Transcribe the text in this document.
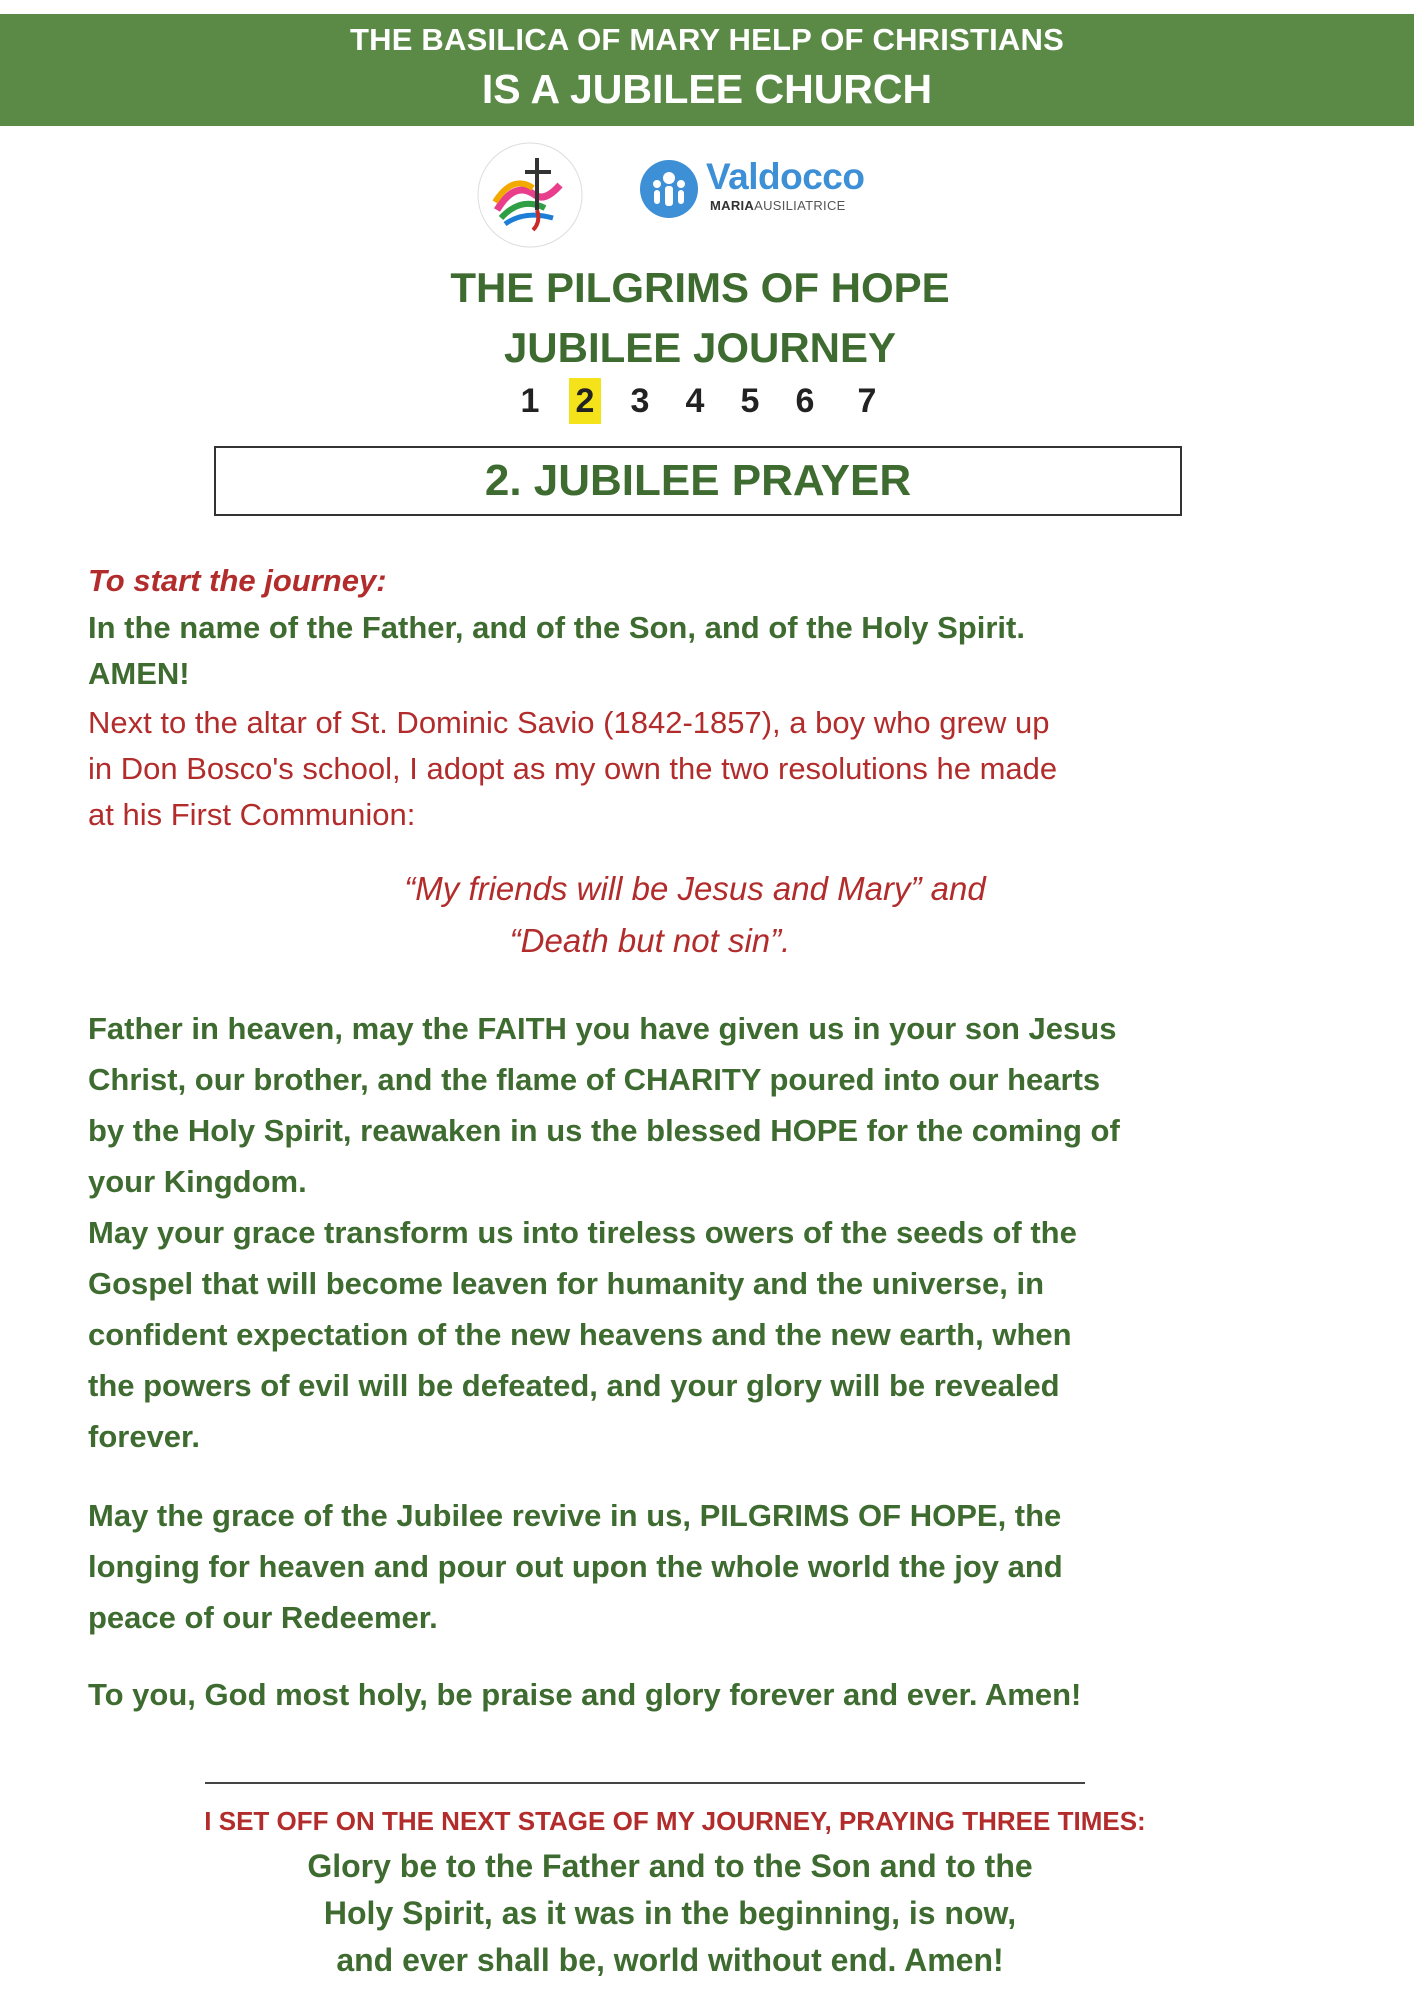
THE BASILICA OF MARY HELP OF CHRISTIANS
IS A JUBILEE CHURCH
Valdocco
MARIAAUSILIATRICE
THE PILGRIMS OF HOPE
JUBILEE JOURNEY
1 2 3 4 5 6 7
2. JUBILEE PRAYER
To start the journey:
In the name of the Father, and of the Son, and of the Holy Spirit.
AMEN!
Next to the altar of St. Dominic Savio (1842-1857), a boy who grew up
in Don Bosco's school, I adopt as my own the two resolutions he made
at his First Communion:
“My friends will be Jesus and Mary” and
“Death but not sin”.
Father in heaven, may the FAITH you have given us in your son Jesus
Christ, our brother, and the flame of CHARITY poured into our hearts
by the Holy Spirit, reawaken in us the blessed HOPE for the coming of
your Kingdom.
May your grace transform us into tireless owers of the seeds of the
Gospel that will become leaven for humanity and the universe, in
confident expectation of the new heavens and the new earth, when
the powers of evil will be defeated, and your glory will be revealed
forever.
May the grace of the Jubilee revive in us, PILGRIMS OF HOPE, the
longing for heaven and pour out upon the whole world the joy and
peace of our Redeemer.
To you, God most holy, be praise and glory forever and ever. Amen!
I SET OFF ON THE NEXT STAGE OF MY JOURNEY, PRAYING THREE TIMES:
Glory be to the Father and to the Son and to the
Holy Spirit, as it was in the beginning, is now,
and ever shall be, world without end. Amen!
